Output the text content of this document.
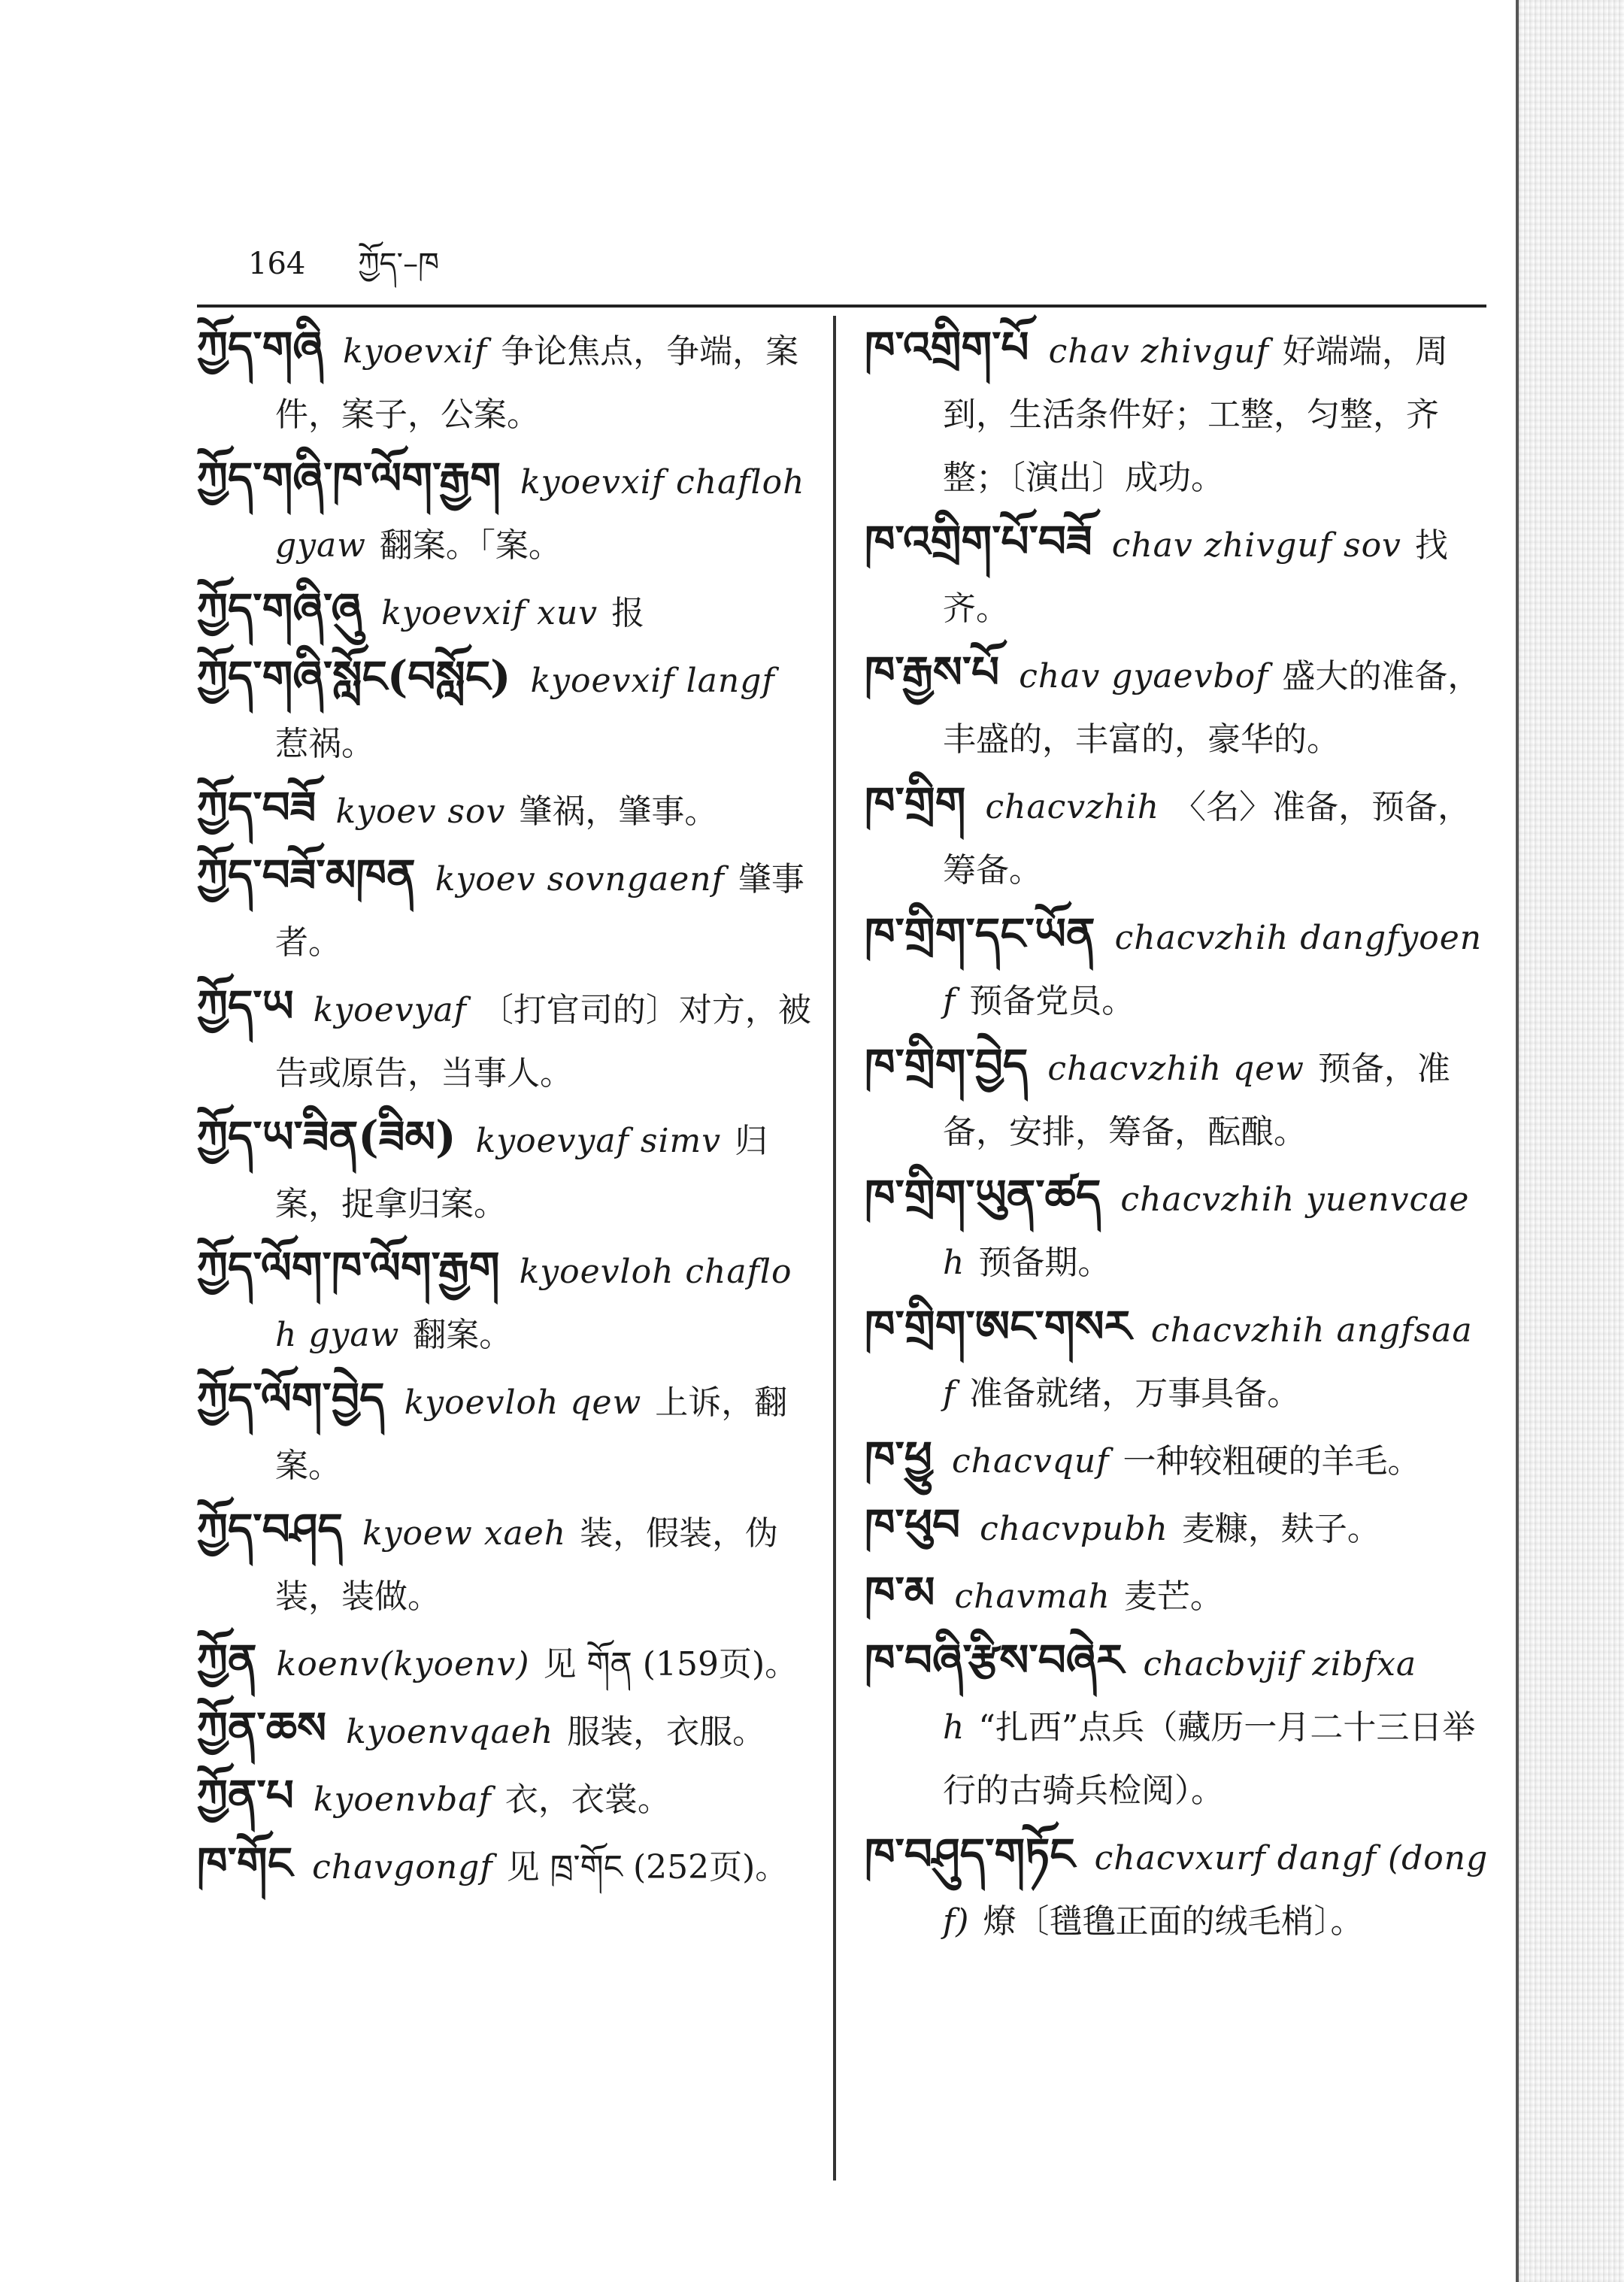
164 ཀྱོད་–ཁ
ཀྱོད་གཞི kyoevxif 争论焦点，争端，案件，案子，公案。
ཀྱོད་གཞི་ཁ་ལོག་རྒྱག kyoevxif chafloh gyaw 翻案。「案。
ཀྱོད་གཞི་ཞུ kyoevxif xuv 报
ཀྱོད་གཞི་སློང(བསློང) kyoevxif langf惹祸。
ཀྱོད་བཟོ kyoev sov 肇祸，肇事。
ཀྱོད་བཟོ་མཁན kyoev sovngaenf 肇事者。
ཀྱོད་ཡ kyoevyaf 〔打官司的〕对方，被告或原告，当事人。
ཀྱོད་ཡ་ཟིན(ཟིམ) kyoevyaf simv 归案，捉拿归案。
ཀྱོད་ལོག་ཁ་ལོག་རྒྱག kyoevloh chafloh gyaw 翻案。
ཀྱོད་ལོག་བྱེད kyoevloh qew 上诉，翻案。
ཀྱོད་བཤད kyoew xaeh 装，假装，伪装，装做。
ཀྱོན koenv(kyoenv) 见 གོན (159页)。
ཀྱོན་ཆས kyoenvqaeh 服装，衣服。
ཀྱོན་པ kyoenvbaf 衣，衣裳。
ཁ་གོང chavgongf 见 ཁྲ་གོང (252页)。
ཁ་འགྲིག་པོ chav zhivguf 好端端，周到，生活条件好；工整，匀整，齐整；〔演出〕成功。
ཁ་འགྲིག་པོ་བཟོ chav zhivguf sov 找齐。
ཁ་རྒྱས་པོ chav gyaevbof 盛大的准备，丰盛的，丰富的，豪华的。
ཁ་གྲིག chacvzhih 〈名〉准备，预备，筹备。
ཁ་གྲིག་དང་ཡོན chacvzhih dangfyoenf 预备党员。
ཁ་གྲིག་བྱེད chacvzhih qew 预备，准备，安排，筹备，酝酿。
ཁ་གྲིག་ཡུན་ཚད chacvzhih yuenvcaeh 预备期。
ཁ་གྲིག་ཨང་གསར chacvzhih angfsaaf 准备就绪，万事具备。
ཁ་ཕྱུ chacvquf 一种较粗硬的羊毛。
ཁ་ཕུབ chacvpubh 麦糠，麸子。
ཁ་མ chavmah 麦芒。
ཁ་བཞི་རྩིས་བཞེར chacbvjif zibfxah “扎西”点兵（藏历一月二十三日举行的古骑兵检阅）。
ཁ་བཤུད་གཏོང chacvxurf dangf (dongf) 燎〔氆氇正面的绒毛梢〕。
